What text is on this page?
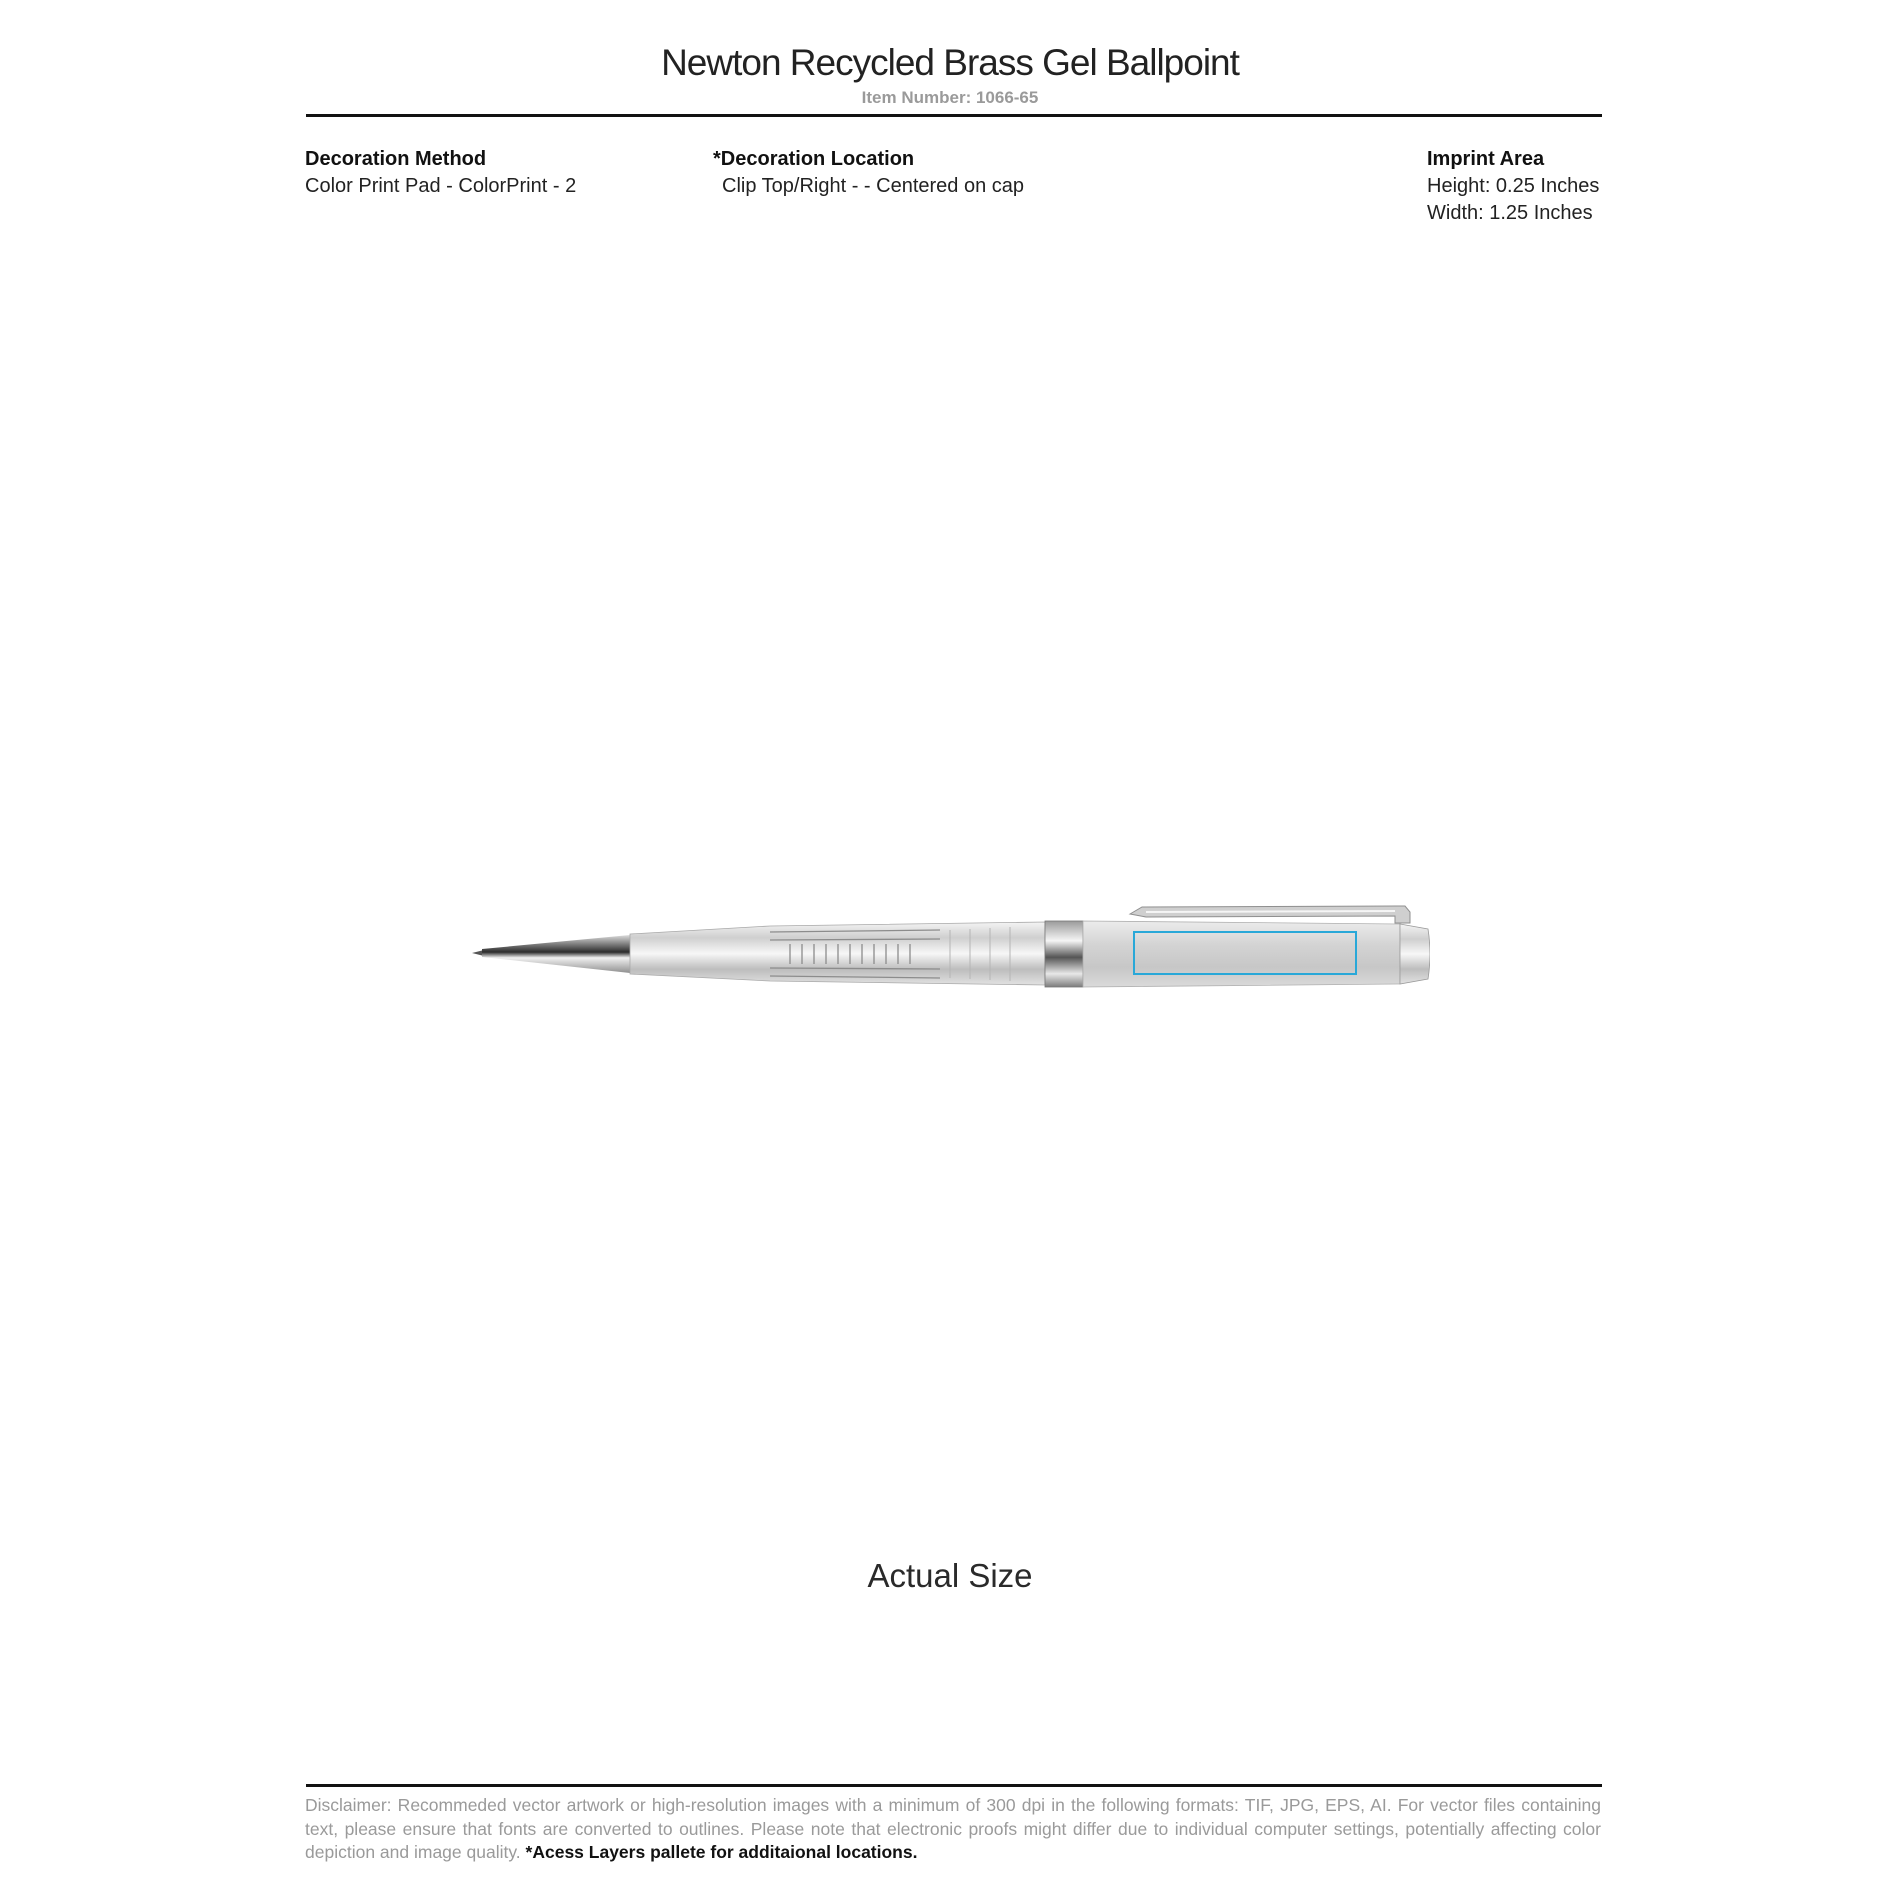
Newton Recycled Brass Gel Ballpoint
Item Number: 1066-65
Decoration Method
Color Print Pad - ColorPrint - 2
*Decoration Location
Clip Top/Right - - Centered on cap
Imprint Area
Height: 0.25 Inches
Width: 1.25 Inches
Actual Size
Disclaimer: Recommeded vector artwork or high-resolution images with a minimum of 300 dpi in the following formats: TIF, JPG, EPS, AI. For vector files containing text, please ensure that fonts are converted to outlines. Please note that electronic proofs might differ due to individual computer settings, potentially affecting color depiction and image quality. *Acess Layers pallete for additaional locations.
